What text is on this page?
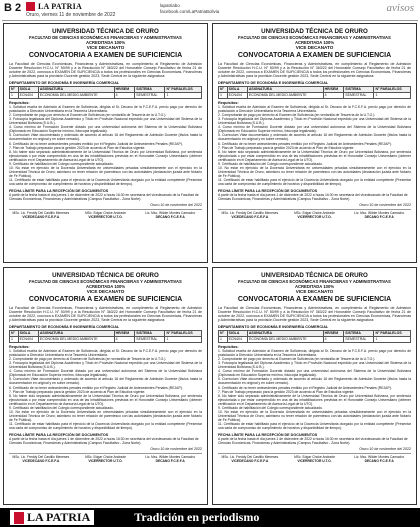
B 2 LA PATRIA
Oruro, viernes 11 de noviembre de 2022
lapatriabo
facebook.com/LaPatriaBolivia	avisos
UNIVERSIDAD TÉCNICA DE ORURO
FACULTAD DE CIENCIAS ECONÓMICAS FINANCIERAS Y ADMINISTRATIVAS
ACREDITADA 100%
VICE DECANATO
CONVOCATORIA A EXAMEN DE SUFICIENCIA
La Facultad de Ciencias Económicas, Financieras y Administrativas, en cumplimiento al Reglamento de Admisión Docente Resolución H.C.U. N° 50/99 y a la Resolución N° 363/22 del Honorable Consejo Facultativo de fecha 21 de octubre de 2022, convoca a EXAMEN DE SUFICIENCIA a todos los profesionales en Ciencias Económicas, Financieras y Administrativas para la provisión Docente gestión 2023, Sede Central en la siguiente asignatura:
DEPARTAMENTO DE ECONOMÍA E INGENIERÍA COMERCIAL
N°	SIGLA	ASIGNATURA	HR/SEM	SISTEMA	N° PARALELOS
1	ECN404	ECONOMÍA DEL MEDIO AMBIENTE	4	SEMESTRAL	1
Requisitos:
1. Solicitud escrita de Admisión al Examen de Suficiencia, dirigida al Sr. Decano de la F.C.E.F.A. previo pago por derecho de postulación a Dirección Universitaria en la Tesorería Universitaria.
2. Comprobante de pago por derecho al Examen de Suficiencia (en ventanilla de Tesorería de la U.T.O.).
3. Fotocopia legalizada del Diploma Académico y Título en Provisión Nacional expedido por una Universidad del Sistema de la Universidad Boliviana (S.U.B.).
4. Curso mínimo de Formación Docente dictado por una universidad autónoma del Sistema de la Universidad Boliviana (Diplomado en Educación Superior mínimo, fotocopia legalizada).
5. Curriculum Vitae documentado y ordenado de acuerdo al artículo 16 del Reglamento de Admisión Docente (títulos hasta la documentación en original y en sobre cerrado).
6. Certificado de no tener antecedentes penales emitido por el Registro Judicial de Antecedentes Penales (REJAP).
7. Plan de Trabajo preparado para la gestión 2023 de acuerdo al Plan de Estudios vigente.
8. No haber sido separado administrativamente de la Universidad Técnica de Oruro por Universidad Boliviana, por sentencia ejecutoriada o por estar comprendido en una de las inhabilitaciones previstas en el Honorable Consejo Universitario (obtener certificación en el Departamento de Asesoría Legal de la UTO).
9. Certificado de habilitación del Colegio correspondiente actualizado.
10. No estar en ejercicio de la Docencia Universitaria en universidades privadas simultáneamente con el ejercicio en la Universidad Técnica de Oruro; asimismo no tener relación de parentesco con las autoridades (declaración jurada ante Notario de Fe Pública).
11. Certificado de estar habilitado para el ejercicio de la Docencia Universitaria otorgado por la entidad competente (Presentar una carta de compromiso de cumplimiento de horarios y disponibilidad de tiempo).
FECHA LÍMITE PARA LA RECEPCIÓN DE DOCUMENTOS
A partir de la fecha hasta el día jueves 1 de diciembre de 2022 a horas 16:30 en secretaría del vicedecanato de la Facultad de Ciencias Económicas, Financieras y Administrativas (Campus Facultativo - Zona Norte).
Oruro 10 de noviembre del 2022
MSc. Lic. Freddy Del Castillo Meneses
VICEDECANO F.C.E.F.A
MSc. Edgar Choke Andrade
VICERRECTOR U.T.O.
Lic. Msc. Wilder Montes Camacho
DECANO F.C.E.F.A
UNIVERSIDAD TÉCNICA DE ORURO
FACULTAD DE CIENCIAS ECONÓMICAS FINANCIERAS Y ADMINISTRATIVAS
ACREDITADA 100%
VICE DECANATO
CONVOCATORIA A EXAMEN DE SUFICIENCIA
La Facultad de Ciencias Económicas, Financieras y Administrativas, en cumplimiento al Reglamento de Admisión Docente Resolución H.C.U. N° 50/99 y a la Resolución N° 363/22 del Honorable Consejo Facultativo de fecha 21 de octubre de 2022, convoca a EXAMEN DE SUFICIENCIA a todos los profesionales en Ciencias Económicas, Financieras y Administrativas para la provisión Docente gestión 2023, Sede Central en la siguiente asignatura:
DEPARTAMENTO DE ECONOMÍA E INGENIERÍA COMERCIAL
N°	SIGLA	ASIGNATURA	HR/SEM	SISTEMA	N° PARALELOS
1	ECN404	ECONOMÍA DEL MEDIO AMBIENTE	4	SEMESTRAL	1
Requisitos:
1. Solicitud escrita de Admisión al Examen de Suficiencia, dirigida al Sr. Decano de la F.C.E.F.A. previo pago por derecho de postulación a Dirección Universitaria en la Tesorería Universitaria.
2. Comprobante de pago por derecho al Examen de Suficiencia (en ventanilla de Tesorería de la U.T.O.).
3. Fotocopia legalizada del Diploma Académico y Título en Provisión Nacional expedido por una Universidad del Sistema de la Universidad Boliviana (S.U.B.).
4. Curso mínimo de Formación Docente dictado por una universidad autónoma del Sistema de la Universidad Boliviana (Diplomado en Educación Superior mínimo, fotocopia legalizada).
5. Curriculum Vitae documentado y ordenado de acuerdo al artículo 16 del Reglamento de Admisión Docente (títulos hasta la documentación en original y en sobre cerrado).
6. Certificado de no tener antecedentes penales emitido por el Registro Judicial de Antecedentes Penales (REJAP).
7. Plan de Trabajo preparado para la gestión 2023 de acuerdo al Plan de Estudios vigente.
8. No haber sido separado administrativamente de la Universidad Técnica de Oruro por Universidad Boliviana, por sentencia ejecutoriada o por estar comprendido en una de las inhabilitaciones previstas en el Honorable Consejo Universitario (obtener certificación en el Departamento de Asesoría Legal de la UTO).
9. Certificado de habilitación del Colegio correspondiente actualizado.
10. No estar en ejercicio de la Docencia Universitaria en universidades privadas simultáneamente con el ejercicio en la Universidad Técnica de Oruro; asimismo no tener relación de parentesco con las autoridades (declaración jurada ante Notario de Fe Pública).
11. Certificado de estar habilitado para el ejercicio de la Docencia Universitaria otorgado por la entidad competente (Presentar una carta de compromiso de cumplimiento de horarios y disponibilidad de tiempo).
FECHA LÍMITE PARA LA RECEPCIÓN DE DOCUMENTOS
A partir de la fecha hasta el día jueves 1 de diciembre de 2022 a horas 16:30 en secretaría del vicedecanato de la Facultad de Ciencias Económicas, Financieras y Administrativas (Campus Facultativo - Zona Norte).
Oruro 10 de noviembre del 2022
MSc. Lic. Freddy Del Castillo Meneses
VICEDECANO F.C.E.F.A
MSc. Edgar Choke Andrade
VICERRECTOR U.T.O.
Lic. Msc. Wilder Montes Camacho
DECANO F.C.E.F.A
UNIVERSIDAD TÉCNICA DE ORURO
FACULTAD DE CIENCIAS ECONÓMICAS FINANCIERAS Y ADMINISTRATIVAS
ACREDITADA 100%
VICE DECANATO
CONVOCATORIA A EXAMEN DE SUFICIENCIA
La Facultad de Ciencias Económicas, Financieras y Administrativas, en cumplimiento al Reglamento de Admisión Docente Resolución H.C.U. N° 50/99 y a la Resolución N° 363/22 del Honorable Consejo Facultativo de fecha 21 de octubre de 2022, convoca a EXAMEN DE SUFICIENCIA a todos los profesionales en Ciencias Económicas, Financieras y Administrativas para la provisión Docente gestión 2023, Sede Central en la siguiente asignatura:
DEPARTAMENTO DE ECONOMÍA E INGENIERÍA COMERCIAL
N°	SIGLA	ASIGNATURA	HR/SEM	SISTEMA	N° PARALELOS
1	ECN404	ECONOMÍA DEL MEDIO AMBIENTE	4	SEMESTRAL	1
Requisitos:
1. Solicitud escrita de Admisión al Examen de Suficiencia, dirigida al Sr. Decano de la F.C.E.F.A. previo pago por derecho de postulación a Dirección Universitaria en la Tesorería Universitaria.
2. Comprobante de pago por derecho al Examen de Suficiencia (en ventanilla de Tesorería de la U.T.O.).
3. Fotocopia legalizada del Diploma Académico y Título en Provisión Nacional expedido por una Universidad del Sistema de la Universidad Boliviana (S.U.B.).
4. Curso mínimo de Formación Docente dictado por una universidad autónoma del Sistema de la Universidad Boliviana (Diplomado en Educación Superior mínimo, fotocopia legalizada).
5. Curriculum Vitae documentado y ordenado de acuerdo al artículo 16 del Reglamento de Admisión Docente (títulos hasta la documentación en original y en sobre cerrado).
6. Certificado de no tener antecedentes penales emitido por el Registro Judicial de Antecedentes Penales (REJAP).
7. Plan de Trabajo preparado para la gestión 2023 de acuerdo al Plan de Estudios vigente.
8. No haber sido separado administrativamente de la Universidad Técnica de Oruro por Universidad Boliviana, por sentencia ejecutoriada o por estar comprendido en una de las inhabilitaciones previstas en el Honorable Consejo Universitario (obtener certificación en el Departamento de Asesoría Legal de la UTO).
9. Certificado de habilitación del Colegio correspondiente actualizado.
10. No estar en ejercicio de la Docencia Universitaria en universidades privadas simultáneamente con el ejercicio en la Universidad Técnica de Oruro; asimismo no tener relación de parentesco con las autoridades (declaración jurada ante Notario de Fe Pública).
11. Certificado de estar habilitado para el ejercicio de la Docencia Universitaria otorgado por la entidad competente (Presentar una carta de compromiso de cumplimiento de horarios y disponibilidad de tiempo).
FECHA LÍMITE PARA LA RECEPCIÓN DE DOCUMENTOS
A partir de la fecha hasta el día jueves 1 de diciembre de 2022 a horas 16:30 en secretaría del vicedecanato de la Facultad de Ciencias Económicas, Financieras y Administrativas (Campus Facultativo - Zona Norte).
Oruro 10 de noviembre del 2022
MSc. Lic. Freddy Del Castillo Meneses
VICEDECANO F.C.E.F.A
MSc. Edgar Choke Andrade
VICERRECTOR U.T.O.
Lic. Msc. Wilder Montes Camacho
DECANO F.C.E.F.A
UNIVERSIDAD TÉCNICA DE ORURO
FACULTAD DE CIENCIAS ECONÓMICAS FINANCIERAS Y ADMINISTRATIVAS
ACREDITADA 100%
VICE DECANATO
CONVOCATORIA A EXAMEN DE SUFICIENCIA
La Facultad de Ciencias Económicas, Financieras y Administrativas, en cumplimiento al Reglamento de Admisión Docente Resolución H.C.U. N° 50/99 y a la Resolución N° 363/22 del Honorable Consejo Facultativo de fecha 21 de octubre de 2022, convoca a EXAMEN DE SUFICIENCIA a todos los profesionales en Ciencias Económicas, Financieras y Administrativas para la provisión Docente gestión 2023, Sede Central en la siguiente asignatura:
DEPARTAMENTO DE ECONOMÍA E INGENIERÍA COMERCIAL
N°	SIGLA	ASIGNATURA	HR/SEM	SISTEMA	N° PARALELOS
1	ECN404	ECONOMÍA DEL MEDIO AMBIENTE	4	SEMESTRAL	1
Requisitos:
1. Solicitud escrita de Admisión al Examen de Suficiencia, dirigida al Sr. Decano de la F.C.E.F.A. previo pago por derecho de postulación a Dirección Universitaria en la Tesorería Universitaria.
2. Comprobante de pago por derecho al Examen de Suficiencia (en ventanilla de Tesorería de la U.T.O.).
3. Fotocopia legalizada del Diploma Académico y Título en Provisión Nacional expedido por una Universidad del Sistema de la Universidad Boliviana (S.U.B.).
4. Curso mínimo de Formación Docente dictado por una universidad autónoma del Sistema de la Universidad Boliviana (Diplomado en Educación Superior mínimo, fotocopia legalizada).
5. Curriculum Vitae documentado y ordenado de acuerdo al artículo 16 del Reglamento de Admisión Docente (títulos hasta la documentación en original y en sobre cerrado).
6. Certificado de no tener antecedentes penales emitido por el Registro Judicial de Antecedentes Penales (REJAP).
7. Plan de Trabajo preparado para la gestión 2023 de acuerdo al Plan de Estudios vigente.
8. No haber sido separado administrativamente de la Universidad Técnica de Oruro por Universidad Boliviana, por sentencia ejecutoriada o por estar comprendido en una de las inhabilitaciones previstas en el Honorable Consejo Universitario (obtener certificación en el Departamento de Asesoría Legal de la UTO).
9. Certificado de habilitación del Colegio correspondiente actualizado.
10. No estar en ejercicio de la Docencia Universitaria en universidades privadas simultáneamente con el ejercicio en la Universidad Técnica de Oruro; asimismo no tener relación de parentesco con las autoridades (declaración jurada ante Notario de Fe Pública).
11. Certificado de estar habilitado para el ejercicio de la Docencia Universitaria otorgado por la entidad competente (Presentar una carta de compromiso de cumplimiento de horarios y disponibilidad de tiempo).
FECHA LÍMITE PARA LA RECEPCIÓN DE DOCUMENTOS
A partir de la fecha hasta el día jueves 1 de diciembre de 2022 a horas 16:30 en secretaría del vicedecanato de la Facultad de Ciencias Económicas, Financieras y Administrativas (Campus Facultativo - Zona Norte).
Oruro 10 de noviembre del 2022
MSc. Lic. Freddy Del Castillo Meneses
VICEDECANO F.C.E.F.A
MSc. Edgar Choke Andrade
VICERRECTOR U.T.O.
Lic. Msc. Wilder Montes Camacho
DECANO F.C.E.F.A
LA PATRIA	Tradición en periodismo
